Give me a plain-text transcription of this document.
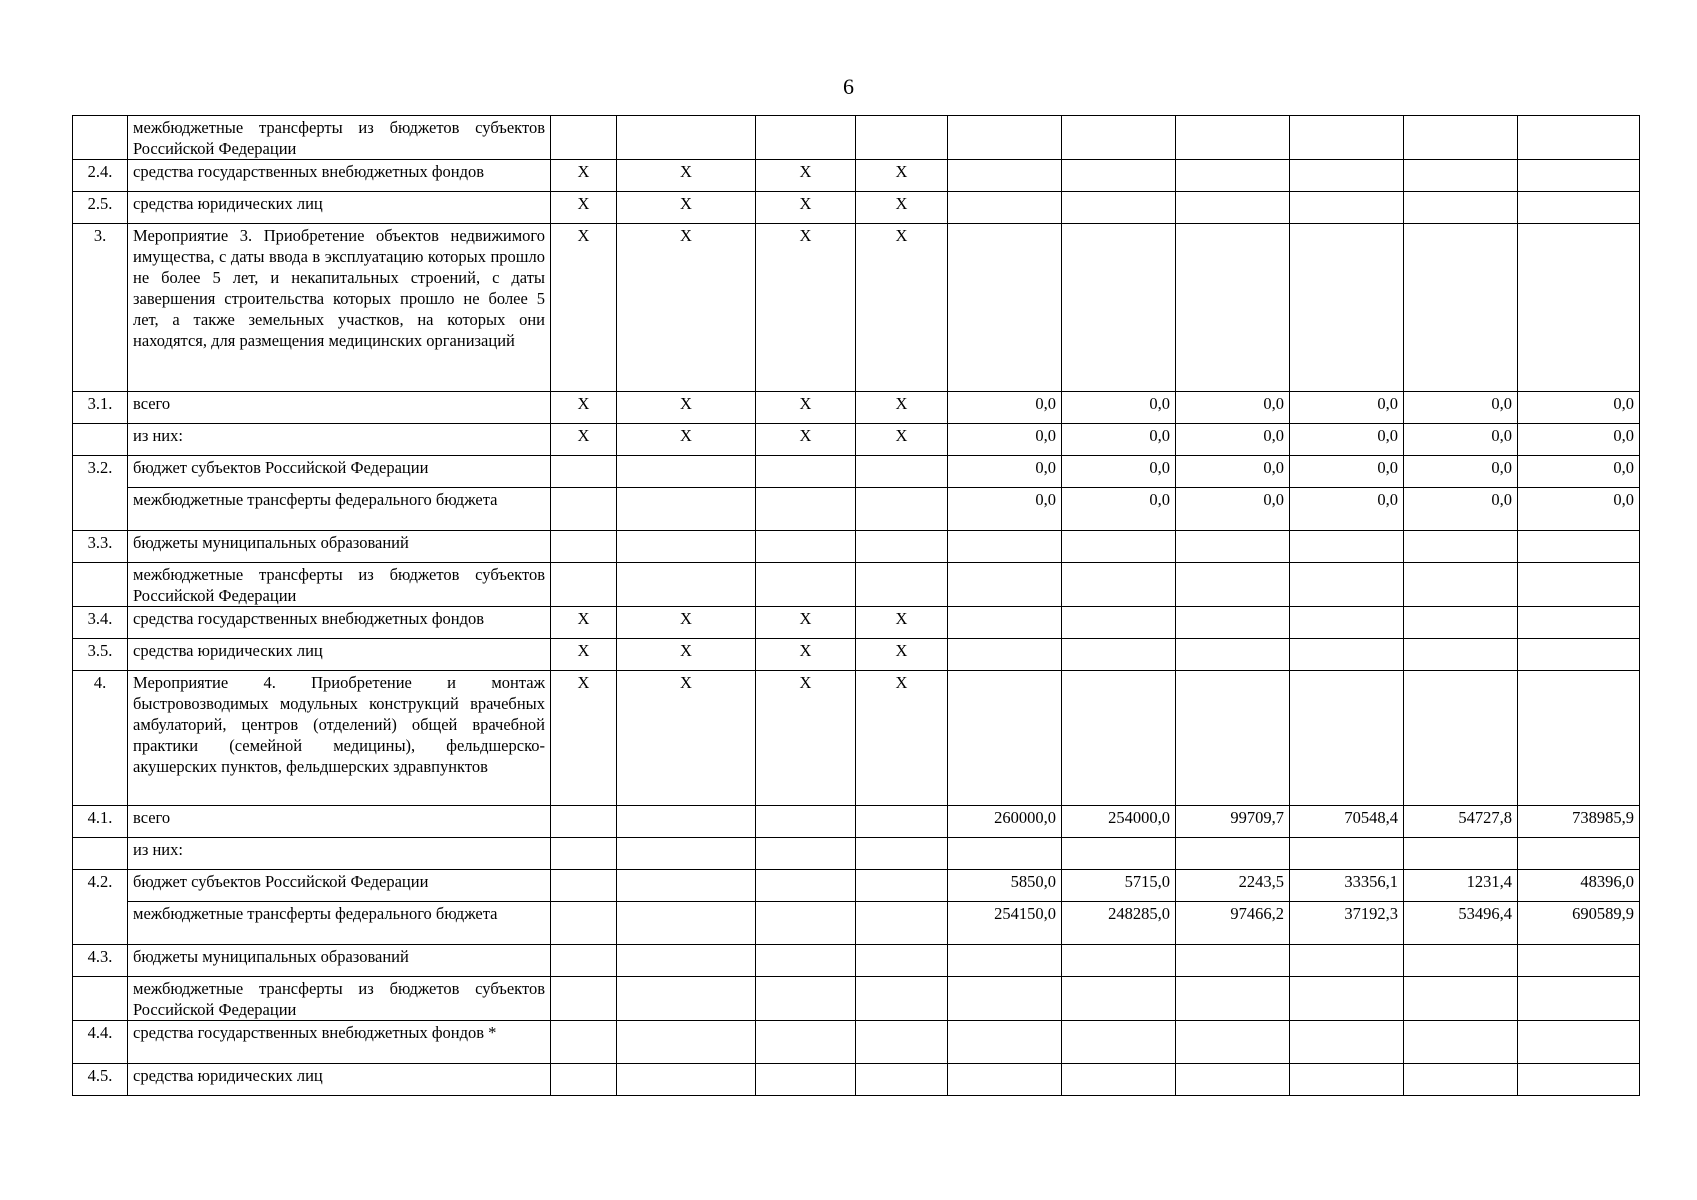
6
	межбюджетные трансферты из бюджетов субъектов Российской Федерации										
2.4.	средства государственных внебюджетных фондов	X	X	X	X						
2.5.	средства юридических лиц	X	X	X	X						
3.	Мероприятие 3. Приобретение объектов недвижимого имущества, с даты ввода в эксплуатацию которых прошло не более 5 лет, и некапитальных строений, с даты завершения строительства которых прошло не более 5 лет, а также земельных участков, на которых они находятся, для размещения медицинских организаций	X	X	X	X						
3.1.	всего	X	X	X	X	0,0	0,0	0,0	0,0	0,0	0,0
	из них:	X	X	X	X	0,0	0,0	0,0	0,0	0,0	0,0
3.2.	бюджет субъектов Российской Федерации					0,0	0,0	0,0	0,0	0,0	0,0
	межбюджетные трансферты федерального бюджета					0,0	0,0	0,0	0,0	0,0	0,0
3.3.	бюджеты муниципальных образований										
	межбюджетные трансферты из бюджетов субъектов Российской Федерации										
3.4.	средства государственных внебюджетных фондов	X	X	X	X						
3.5.	средства юридических лиц	X	X	X	X						
4.	Мероприятие 4. Приобретение и монтаж быстровозводимых модульных конструкций врачебных амбулаторий, центров (отделений) общей врачебной практики (семейной медицины), фельдшерско-акушерских пунктов, фельдшерских здравпунктов	X	X	X	X						
4.1.	всего					260000,0	254000,0	99709,7	70548,4	54727,8	738985,9
	из них:										
4.2.	бюджет субъектов Российской Федерации					5850,0	5715,0	2243,5	33356,1	1231,4	48396,0
	межбюджетные трансферты федерального бюджета					254150,0	248285,0	97466,2	37192,3	53496,4	690589,9
4.3.	бюджеты муниципальных образований										
	межбюджетные трансферты из бюджетов субъектов Российской Федерации										
4.4.	средства государственных внебюджетных фондов *										
4.5.	средства юридических лиц										
